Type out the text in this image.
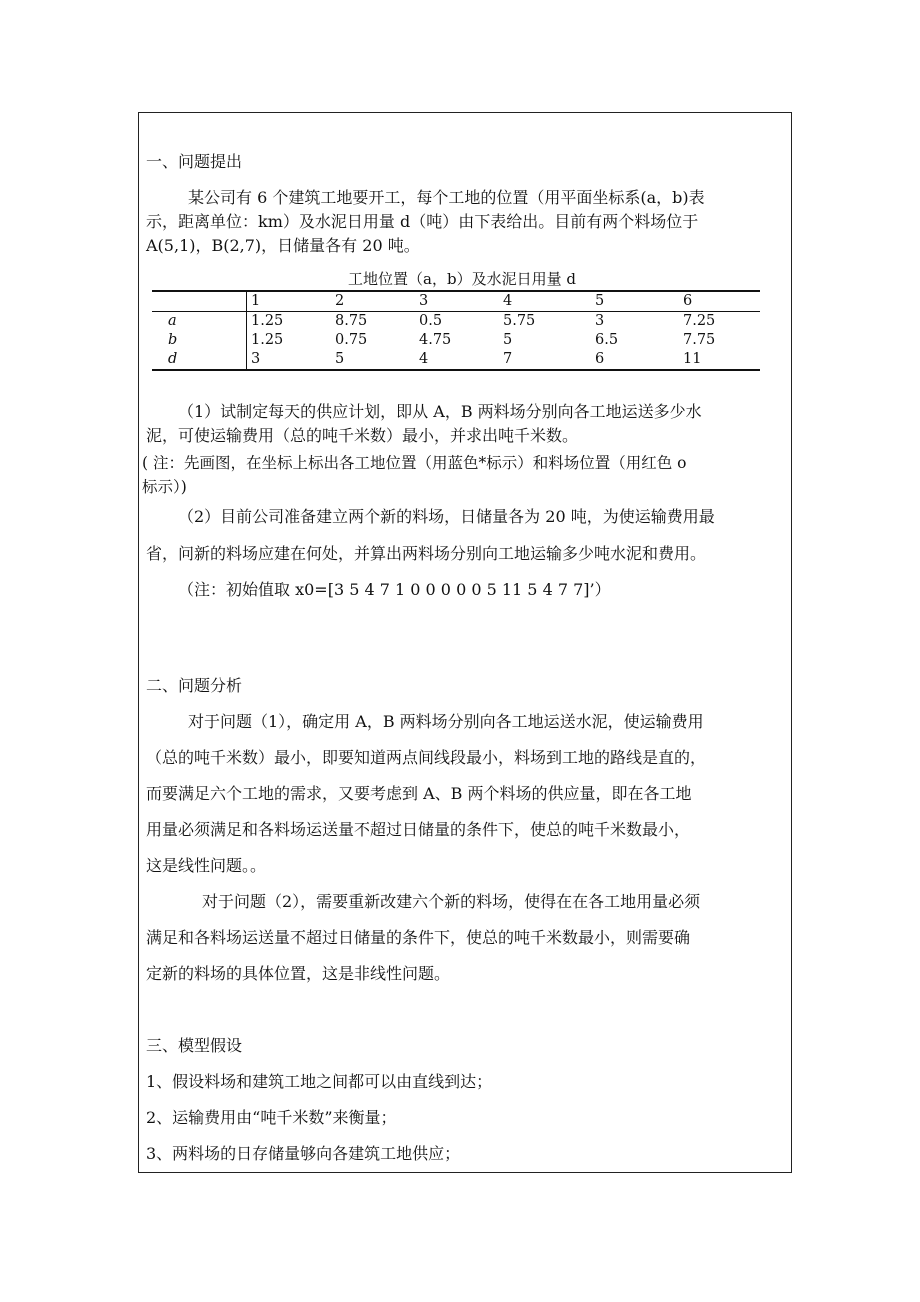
一、问题提出

某公司有 6 个建筑工地要开工，每个工地的位置（用平面坐标系(a，b)表

示，距离单位：km）及水泥日用量 d（吨）由下表给出。目前有两个料场位于

A(5,1)，B(2,7)，日储量各有 20 吨。

工地位置（a，b）及水泥日用量 d
	1	2	3	4	5	6
a	1.25	8.75	0.5	5.75	3	7.25
b	1.25	0.75	4.75	5	6.5	7.75
d	3	5	4	7	6	11

（1）试制定每天的供应计划，即从 A，B 两料场分别向各工地运送多少水

泥，可使运输费用（总的吨千米数）最小，并求出吨千米数。

( 注：先画图，在坐标上标出各工地位置（用蓝色*标示）和料场位置（用红色 o

标示）)

（2）目前公司准备建立两个新的料场，日储量各为 20 吨，为使运输费用最

省，问新的料场应建在何处，并算出两料场分别向工地运输多少吨水泥和费用。

（注：初始值取 x0=[3 5 4 7 1 0 0 0 0 0 5 11 5 4 7 7]’）

二、问题分析

对于问题（1），确定用 A，B 两料场分别向各工地运送水泥，使运输费用

（总的吨千米数）最小，即要知道两点间线段最小，料场到工地的路线是直的，

而要满足六个工地的需求，又要考虑到 A、B 两个料场的供应量，即在各工地

用量必须满足和各料场运送量不超过日储量的条件下，使总的吨千米数最小，

这是线性问题。。

对于问题（2），需要重新改建六个新的料场，使得在在各工地用量必须

满足和各料场运送量不超过日储量的条件下，使总的吨千米数最小，则需要确

定新的料场的具体位置，这是非线性问题。

三、模型假设

1、假设料场和建筑工地之间都可以由直线到达；

2、运输费用由“吨千米数”来衡量；

3、两料场的日存储量够向各建筑工地供应；
